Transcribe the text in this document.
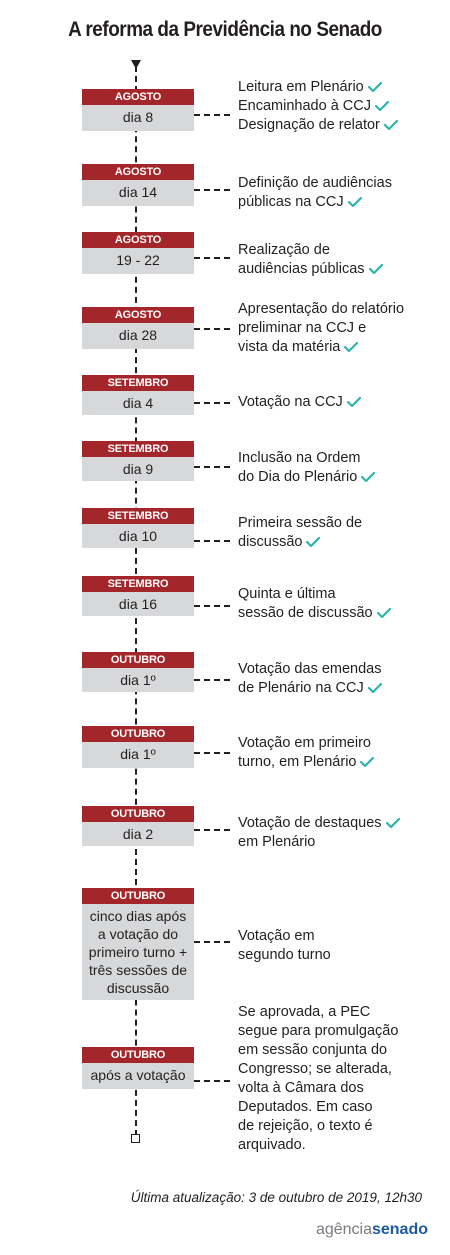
A reforma da Previdência no Senado
AGOSTO
dia 8
Leitura em Plenário
Encaminhado à CCJ
Designação de relator
AGOSTO
dia 14
Definição de audiências
públicas na CCJ
AGOSTO
19 - 22
Realização de
audiências públicas
AGOSTO
dia 28
Apresentação do relatório
preliminar na CCJ e
vista da matéria
SETEMBRO
dia 4	Votação na CCJ
SETEMBRO
dia 9
Inclusão na Ordem
do Dia do Plenário
SETEMBRO
dia 10
Primeira sessão de
discussão
SETEMBRO
dia 16
Quinta e última
sessão de discussão
OUTUBRO
dia 1º
Votação das emendas
de Plenário na CCJ
OUTUBRO
dia 1º
Votação em primeiro
turno, em Plenário
OUTUBRO
dia 2
Votação de destaques
em Plenário
OUTUBRO
cinco dias após a votação do primeiro turno + três sessões de discussão
Votação em
segundo turno
OUTUBRO
após a votação
Se aprovada, a PEC
segue para promulgação
em sessão conjunta do
Congresso; se alterada,
volta à Câmara dos
Deputados. Em caso
de rejeição, o texto é
arquivado.
Última atualização: 3 de outubro de 2019, 12h30
agênciasenado
